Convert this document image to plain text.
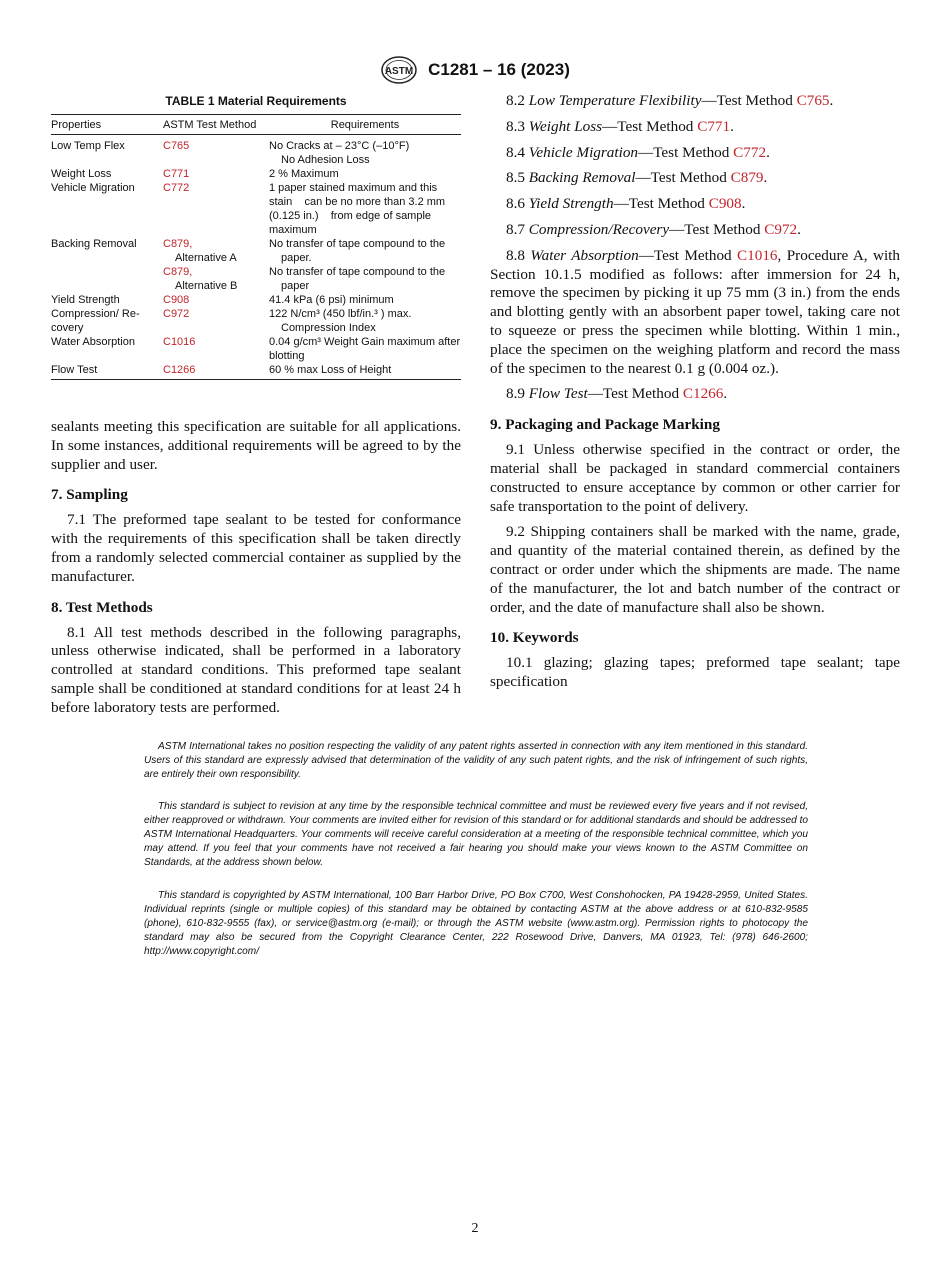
ASTM C1281 – 16 (2023)
TABLE 1 Material Requirements
Properties	ASTM Test Method	Requirements
Low Temp Flex	C765	No Cracks at – 23°C (–10°F)
No Adhesion Loss

Weight Loss	C771	2 % Maximum
Vehicle Migration	C772	1 paper stained maximum and this stain    can be no more than 3.2 mm (0.125 in.)    from edge of sample maximum
Backing Removal	C879,
Alternative A	No transfer of tape compound to the
paper.

	C879,
Alternative B	No transfer of tape compound to the
paper

Yield Strength	C908	41.4 kPa (6 psi) minimum
Compression/ Re-covery	C972	122 N/cm³ (450 lbf/in.³ ) max.
Compression Index

Water Absorption	C1016	0.04 g/cm³ Weight Gain maximum after blotting
Flow Test	C1266	60 % max Loss of Height

sealants meeting this specification are suitable for all applications. In some instances, additional requirements will be agreed to by the supplier and user.

7. Sampling

7.1 The preformed tape sealant to be tested for conformance with the requirements of this specification shall be taken directly from a randomly selected commercial container as supplied by the manufacturer.

8. Test Methods

8.1 All test methods described in the following paragraphs, unless otherwise indicated, shall be performed in a laboratory controlled at standard conditions. This preformed tape sealant sample shall be conditioned at standard conditions for at least 24 h before laboratory tests are performed.

8.2 Low Temperature Flexibility—Test Method C765.

8.3 Weight Loss—Test Method C771.

8.4 Vehicle Migration—Test Method C772.

8.5 Backing Removal—Test Method C879.

8.6 Yield Strength—Test Method C908.

8.7 Compression/Recovery—Test Method C972.

8.8 Water Absorption—Test Method C1016, Procedure A, with Section 10.1.5 modified as follows: after immersion for 24 h, remove the specimen by picking it up 75 mm (3 in.) from the ends and blotting gently with an absorbent paper towel, taking care not to squeeze or press the specimen while blotting. Within 1 min., place the specimen on the weighing platform and record the mass of the specimen to the nearest 0.1 g (0.004 oz.).

8.9 Flow Test—Test Method C1266.

9. Packaging and Package Marking

9.1 Unless otherwise specified in the contract or order, the material shall be packaged in standard commercial containers constructed to ensure acceptance by common or other carrier for safe transportation to the point of delivery.

9.2 Shipping containers shall be marked with the name, grade, and quantity of the material contained therein, as defined by the contract or order under which the shipments are made. The name of the manufacturer, the lot and batch number of the contract or order, and the date of manufacture shall also be shown.

10. Keywords

10.1 glazing; glazing tapes; preformed tape sealant; tape specification

ASTM International takes no position respecting the validity of any patent rights asserted in connection with any item mentioned in this standard. Users of this standard are expressly advised that determination of the validity of any such patent rights, and the risk of infringement of such rights, are entirely their own responsibility.

This standard is subject to revision at any time by the responsible technical committee and must be reviewed every five years and if not revised, either reapproved or withdrawn. Your comments are invited either for revision of this standard or for additional standards and should be addressed to ASTM International Headquarters. Your comments will receive careful consideration at a meeting of the responsible technical committee, which you may attend. If you feel that your comments have not received a fair hearing you should make your views known to the ASTM Committee on Standards, at the address shown below.

This standard is copyrighted by ASTM International, 100 Barr Harbor Drive, PO Box C700, West Conshohocken, PA 19428-2959, United States. Individual reprints (single or multiple copies) of this standard may be obtained by contacting ASTM at the above address or at 610-832-9585 (phone), 610-832-9555 (fax), or service@astm.org (e-mail); or through the ASTM website (www.astm.org). Permission rights to photocopy the standard may also be secured from the Copyright Clearance Center, 222 Rosewood Drive, Danvers, MA 01923, Tel: (978) 646-2600; http://www.copyright.com/

2
